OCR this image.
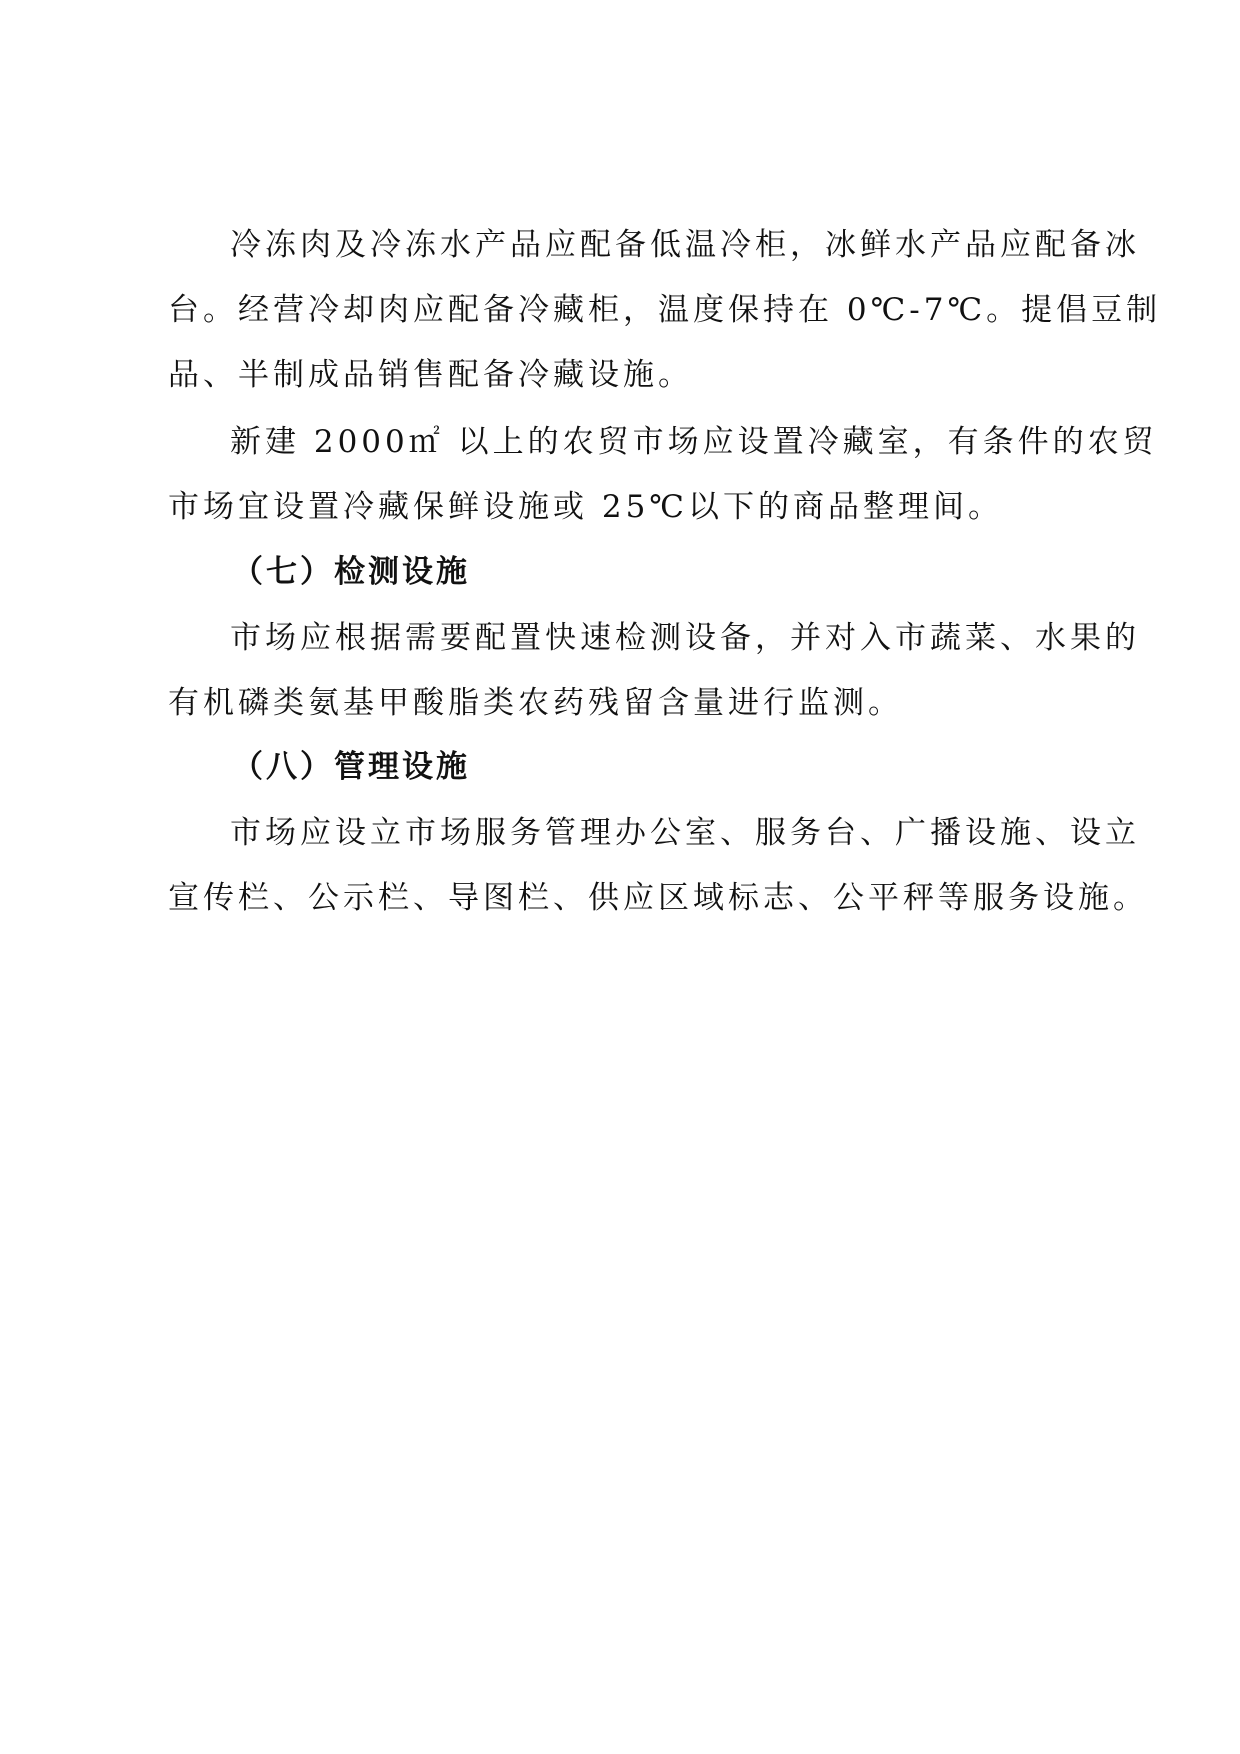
冷冻肉及冷冻水产品应配备低温冷柜，冰鲜水产品应配备冰
台。经营冷却肉应配备冷藏柜，温度保持在 0℃-7℃。提倡豆制
品、半制成品销售配备冷藏设施。
新建 2000㎡ 以上的农贸市场应设置冷藏室，有条件的农贸
市场宜设置冷藏保鲜设施或 25℃以下的商品整理间。
（七）检测设施
市场应根据需要配置快速检测设备，并对入市蔬菜、水果的
有机磷类氨基甲酸脂类农药残留含量进行监测。
（八）管理设施
市场应设立市场服务管理办公室、服务台、广播设施、设立
宣传栏、公示栏、导图栏、供应区域标志、公平秤等服务设施。
